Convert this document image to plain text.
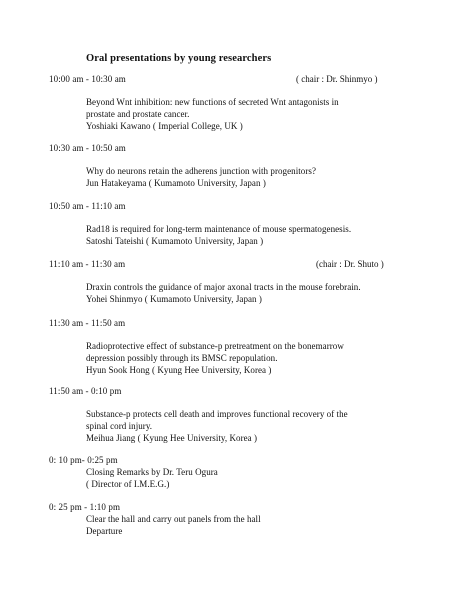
Oral presentations by young researchers
10:00 am - 10:30 am	( chair : Dr. Shinmyo )
Beyond Wnt inhibition: new functions of secreted Wnt antagonists in
prostate and prostate cancer.
Yoshiaki Kawano ( Imperial College, UK )
10:30 am - 10:50 am
Why do neurons retain the adherens junction with progenitors?
Jun Hatakeyama ( Kumamoto University, Japan )
10:50 am - 11:10 am
Rad18 is required for long-term maintenance of mouse spermatogenesis.
Satoshi Tateishi ( Kumamoto University, Japan )
11:10 am - 11:30 am	(chair : Dr. Shuto )
Draxin controls the guidance of major axonal tracts in the mouse forebrain.
Yohei Shinmyo ( Kumamoto University, Japan )
11:30 am - 11:50 am
Radioprotective effect of substance-p pretreatment on the bonemarrow
depression possibly through its BMSC repopulation.
Hyun Sook Hong ( Kyung Hee University, Korea )
11:50 am - 0:10 pm
Substance-p protects cell death and improves functional recovery of the
spinal cord injury.
Meihua Jiang ( Kyung Hee University, Korea )
0: 10 pm- 0:25 pm
Closing Remarks by Dr. Teru Ogura
( Director of I.M.E.G.)
0: 25 pm - 1:10 pm
Clear the hall and carry out panels from the hall
Departure
